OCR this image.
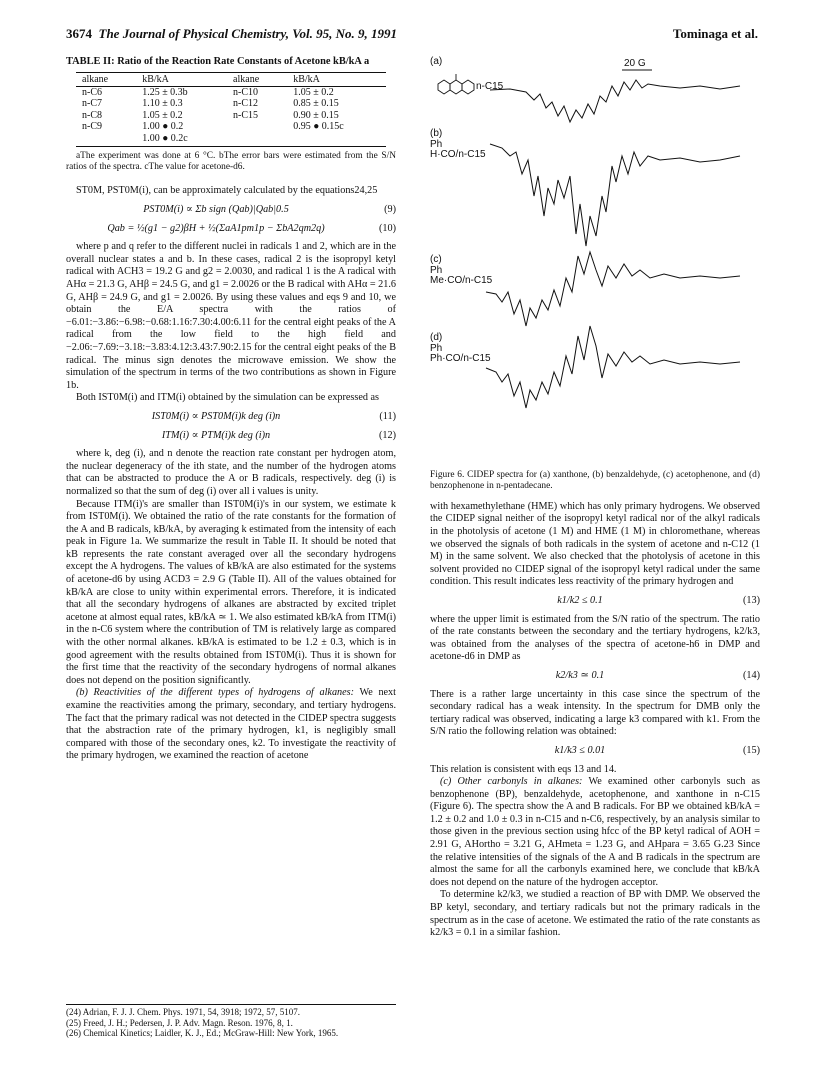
3674 The Journal of Physical Chemistry, Vol. 95, No. 9, 1991	Tominaga et al.
TABLE II: Ratio of the Reaction Rate Constants of Acetone kB/kA a
alkane	kB/kA	alkane	kB/kA
n-C6	1.25 ± 0.3b	n-C10	1.05 ± 0.2
n-C7	1.10 ± 0.3	n-C12	0.85 ± 0.15
n-C8	1.05 ± 0.2	n-C15	0.90 ± 0.15
n-C9	1.00 ● 0.2		0.95 ● 0.15c
	1.00 ● 0.2c		
aThe experiment was done at 6 °C. bThe error bars were estimated from the S/N ratios of the spectra. cThe value for acetone-d6.

ST0M, PST0M(i), can be approximately calculated by the equations24,25

PST0M(i) ∝ Σb sign (Qab)|Qab|0.5	(9)
Qab = ½(g1 − g2)βH + ½(ΣaA1pm1p − ΣbA2qm2q)	(10)

where p and q refer to the different nuclei in radicals 1 and 2, which are in the overall nuclear states a and b. In these cases, radical 2 is the isopropyl ketyl radical with ACH3 = 19.2 G and g2 = 2.0030, and radical 1 is the A radical with AHα = 21.3 G, AHβ = 24.5 G, and g1 = 2.0026 or the B radical with AHα = 21.6 G, AHβ = 24.9 G, and g1 = 2.0026. By using these values and eqs 9 and 10, we obtain the E/A spectra with the ratios of −6.01:−3.86:−6.98:−0.68:1.16:7.30:4.00:6.11 for the central eight peaks of the A radical from the low field to the high field and −2.06:−7.69:−3.18:−3.83:4.12:3.43:7.90:2.15 for the central eight peaks of the B radical. The minus sign denotes the microwave emission. We show the simulation of the spectrum in terms of the two contributions as shown in Figure 1b.

Both IST0M(i) and ITM(i) obtained by the simulation can be expressed as

IST0M(i) ∝ PST0M(i)k deg (i)n	(11)
ITM(i) ∝ PTM(i)k deg (i)n	(12)

where k, deg (i), and n denote the reaction rate constant per hydrogen atom, the nuclear degeneracy of the ith state, and the number of the hydrogen atoms that can be abstracted to produce the A or B radicals, respectively. deg (i) is normalized so that the sum of deg (i) over all i values is unity.

Because ITM(i)'s are smaller than IST0M(i)'s in our system, we estimate k from IST0M(i). We obtained the ratio of the rate constants for the formation of the A and B radicals, kB/kA, by averaging k estimated from the intensity of each peak in Figure 1a. We summarize the result in Table II. It should be noted that kB represents the rate constant averaged over all the secondary hydrogens except the A hydrogens. The values of kB/kA are also estimated for the systems of acetone-d6 by using ACD3 = 2.9 G (Table II). All of the values obtained for kB/kA are close to unity within experimental errors. Therefore, it is indicated that all the secondary hydrogens of alkanes are abstracted by excited triplet acetone at almost equal rates, kB/kA ≃ 1. We also estimated kB/kA from ITM(i) in the n-C6 system where the contribution of TM is relatively large as compared with the other normal alkanes. kB/kA is estimated to be 1.2 ± 0.3, which is in good agreement with the results obtained from IST0M(i). Thus it is shown for the first time that the reactivity of the secondary hydrogens of normal alkanes does not depend on the position significantly.

(b) Reactivities of the different types of hydrogens of alkanes: We next examine the reactivities among the primary, secondary, and tertiary hydrogens. The fact that the primary radical was not detected in the CIDEP spectra suggests that the abstraction rate of the primary hydrogen, k1, is negligibly small compared with those of the secondary ones, k2. To investigate the reactivity of the primary hydrogen, we examined the reaction of acetone

(24) Adrian, F. J. J. Chem. Phys. 1971, 54, 3918; 1972, 57, 5107.
(25) Freed, J. H.; Pedersen, J. P. Adv. Magn. Reson. 1976, 8, 1.
(26) Chemical Kinetics; Laidler, K. J., Ed.; McGraw-Hill: New York, 1965.
(a)	20 G
n-C15
(b)
Ph
H·CO/n-C15
(c)
Ph
Me·CO/n-C15
(d)
Ph
Ph·CO/n-C15
Figure 6. CIDEP spectra for (a) xanthone, (b) benzaldehyde, (c) acetophenone, and (d) benzophenone in n-pentadecane.

with hexamethylethane (HME) which has only primary hydrogens. We observed the CIDEP signal neither of the isopropyl ketyl radical nor of the alkyl radicals in the photolysis of acetone (1 M) and HME (1 M) in chloromethane, whereas we observed the signals of both radicals in the system of acetone and n-C12 (1 M) in the same solvent. We also checked that the photolysis of acetone in this solvent provided no CIDEP signal of the isopropyl ketyl radical under the same condition. This result indicates less reactivity of the primary hydrogen and

k1/k2 ≤ 0.1	(13)

where the upper limit is estimated from the S/N ratio of the spectrum. The ratio of the rate constants between the secondary and the tertiary hydrogens, k2/k3, was obtained from the analyses of the spectra of acetone-h6 in DMP and acetone-d6 in DMP as

k2/k3 ≃ 0.1	(14)

There is a rather large uncertainty in this case since the spectrum of the secondary radical has a weak intensity. In the spectrum for DMB only the tertiary radical was observed, indicating a large k3 compared with k1. From the S/N ratio the following relation was obtained:

k1/k3 ≤ 0.01	(15)

This relation is consistent with eqs 13 and 14.

(c) Other carbonyls in alkanes: We examined other carbonyls such as benzophenone (BP), benzaldehyde, acetophenone, and xanthone in n-C15 (Figure 6). The spectra show the A and B radicals. For BP we obtained kB/kA = 1.2 ± 0.2 and 1.0 ± 0.3 in n-C15 and n-C6, respectively, by an analysis similar to those given in the previous section using hfcc of the BP ketyl radical of AOH = 2.91 G, AHortho = 3.21 G, AHmeta = 1.23 G, and AHpara = 3.65 G.23 Since the relative intensities of the signals of the A and B radicals in the spectrum are almost the same for all the carbonyls examined here, we conclude that kB/kA does not depend on the nature of the hydrogen acceptor.

To determine k2/k3, we studied a reaction of BP with DMP. We observed the BP ketyl, secondary, and tertiary radicals but not the primary radicals in the spectrum as in the case of acetone. We estimated the ratio of the rate constants as k2/k3 = 0.1 in a similar fashion.
